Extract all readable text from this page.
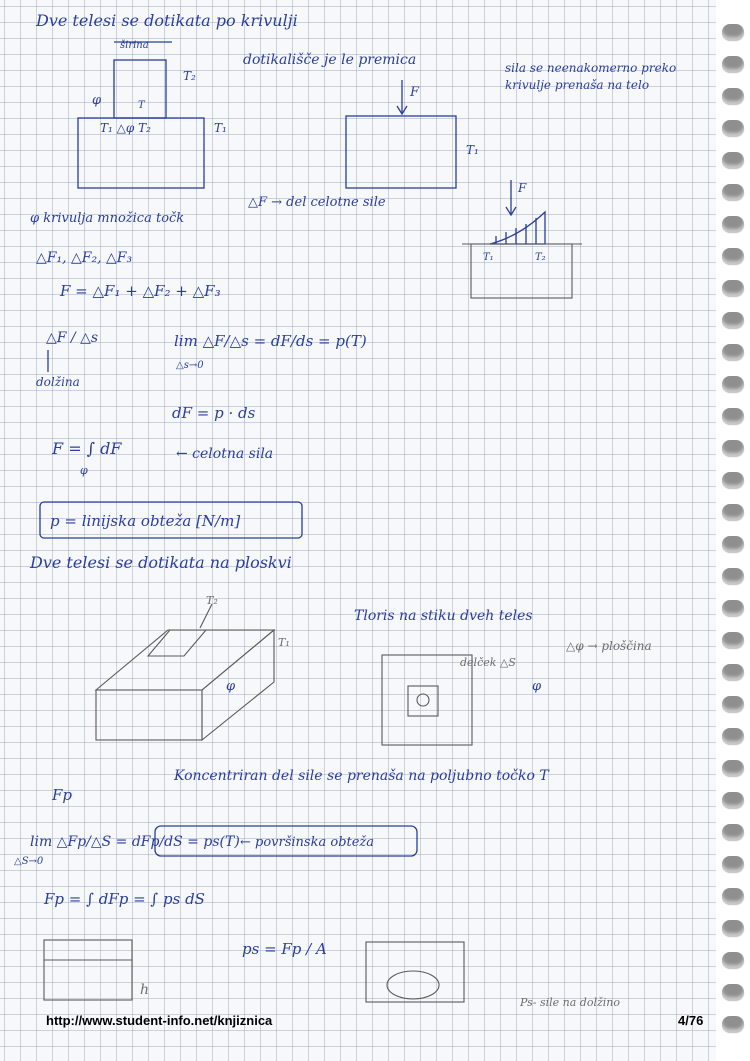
Dve telesi se dotikata po krivulji
širina
T₂
T₁
φ	T
T₁ △φ T₂
dotikališče je le premica
F
T₁
sila se neenakomerno preko krivulje prenaša na telo
F
T₁	T₂
φ krivulja množica točk
△F → del celotne sile
△F₁, △F₂, △F₃
F = △F₁ + △F₂ + △F₃
△F / △s
dolžina
lim △F/△s = dF/ds = p(T)
△s→0
dF = p · ds
F = ∫ dF
φ
← celotna sila
p = linijska obteža [N/m]
Dve telesi se dotikata na ploskvi
T₂
T₁
φ
Tloris na stiku dveh teles
△φ → ploščina
delček △S
φ
Koncentriran del sile se prenaša na poljubno točko T
Fp
lim △Fp/△S = dFp/dS = ps(T)
△S→0
← površinska obteža
Fp = ∫ dFp = ∫ ps dS
ps = Fp / A
h
Ps- sile na dolžino
http://www.student-info.net/knjiznica	4/76
